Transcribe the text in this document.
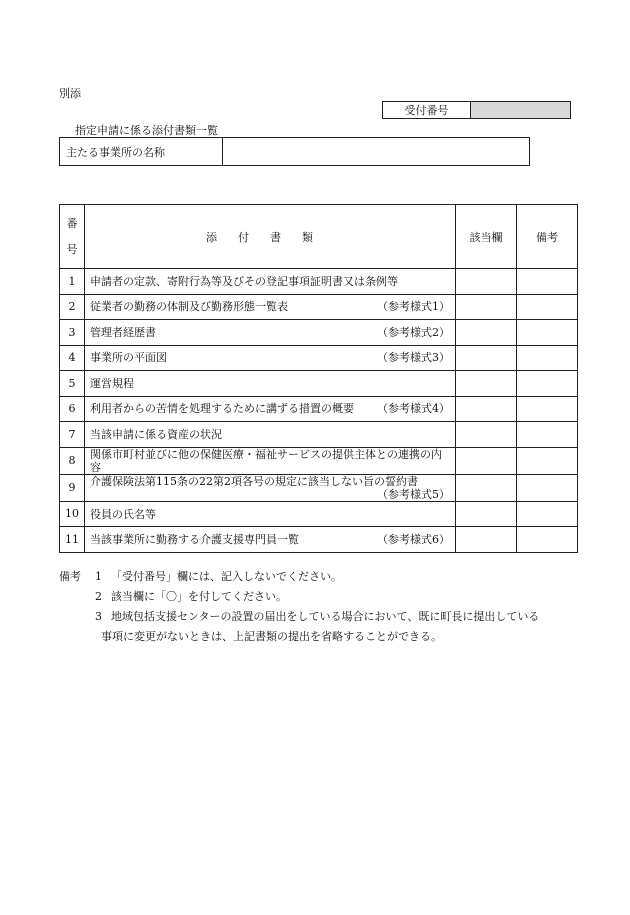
別添
受付番号	
指定申請に係る添付書類一覧
主たる事業所の名称	
番
号	添付書類	該当欄	備考
1	申請者の定款、寄附行為等及びその登記事項証明書又は条例等		
2	従業者の勤務の体制及び勤務形態一覧表 （参考様式1）		

3	管理者経歴書 （参考様式2）		

4	事業所の平面図 （参考様式3）		

5	運営規程		
6	利用者からの苦情を処理するために講ずる措置の概要 （参考様式4）		

7	当該申請に係る資産の状況		
8	関係市町村並びに他の保健医療・福祉サービスの提供主体との連携の内容		
9	介護保険法第115条の22第2項各号の規定に該当しない旨の誓約書
（参考様式5）		

10	役員の氏名等		
11	当該事業所に勤務する介護支援専門員一覧 （参考様式6）		

備考	1 「受付番号」欄には、記入しないでください。
2 該当欄に「〇」を付してください。
3 地域包括支援センターの設置の届出をしている場合において、既に町長に提出している
事項に変更がないときは、上記書類の提出を省略することができる。
